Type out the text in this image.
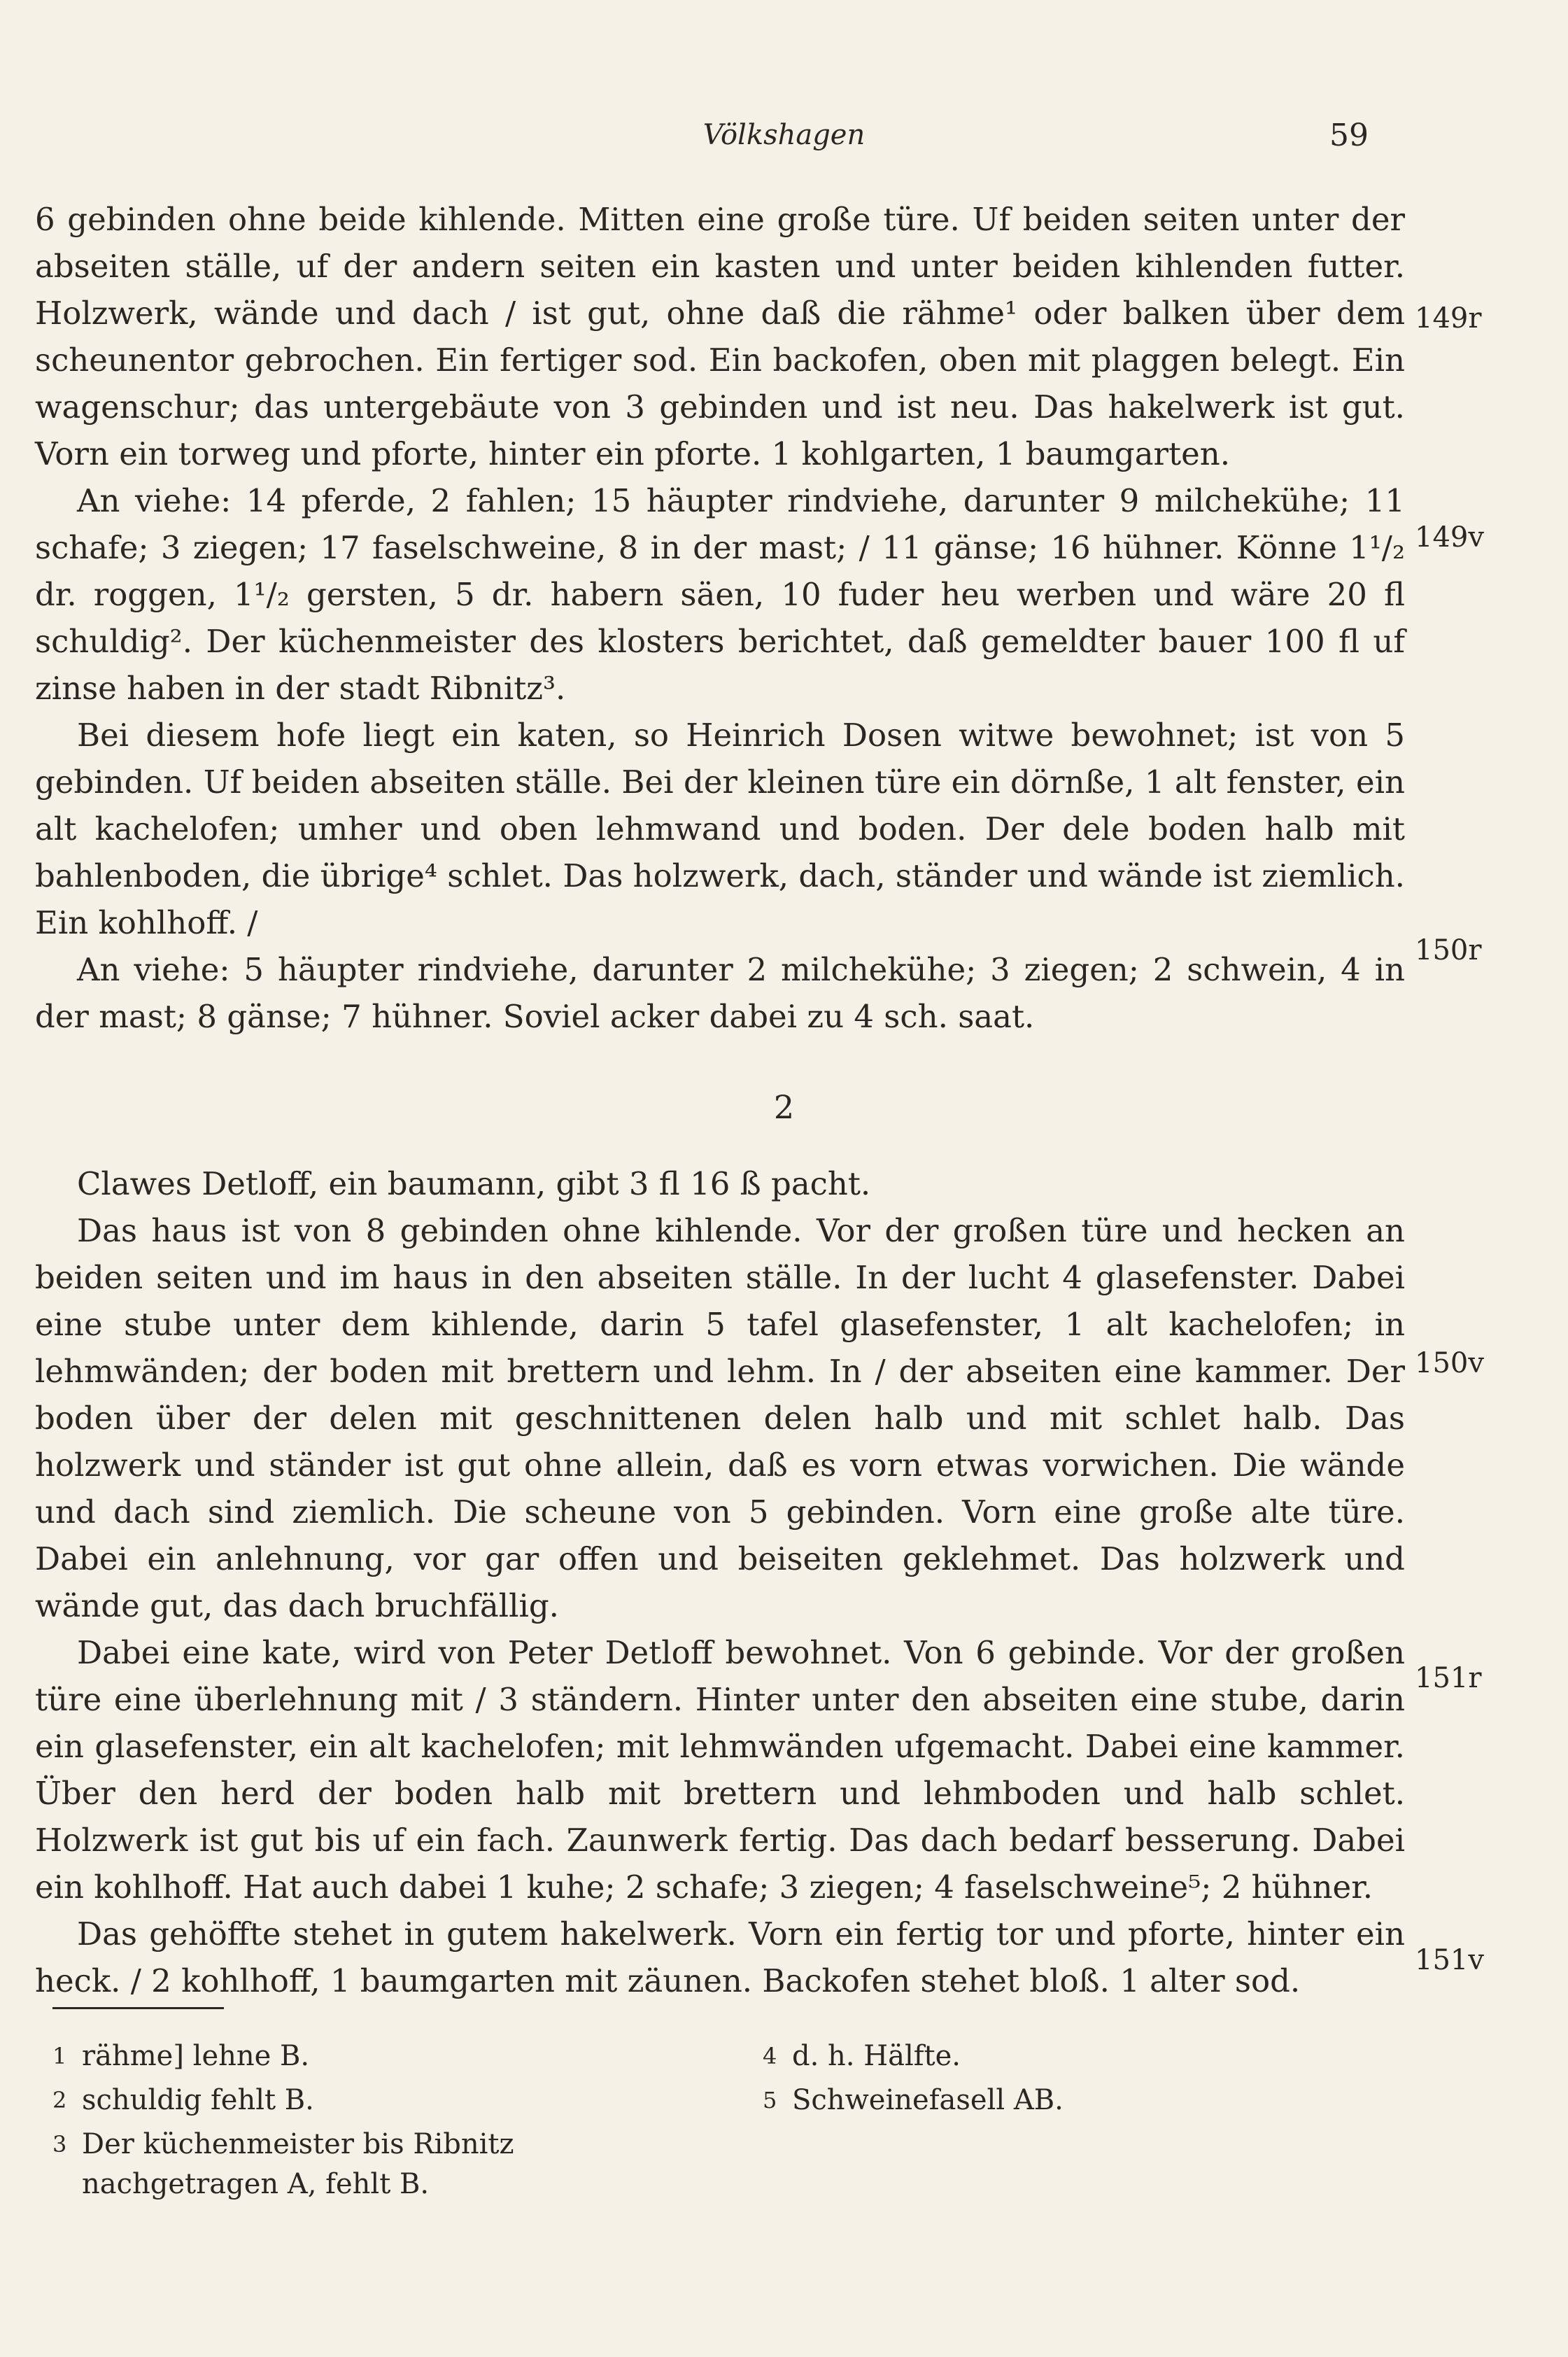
Völkshagen	59

6 gebinden ohne beide kihlende. Mitten eine große türe. Uf beiden seiten unter der abseiten ställe, uf der andern seiten ein kasten und unter beiden kihlenden futter. Holzwerk, wände und dach / ist gut, ohne daß die rähme¹ oder balken über dem scheunentor gebrochen. Ein fertiger sod. Ein backofen, oben mit plaggen belegt. Ein wagenschur; das untergebäute von 3 gebinden und ist neu. Das hakelwerk ist gut. Vorn ein torweg und pforte, hinter ein pforte. 1 kohlgarten, 1 baumgarten.

An viehe: 14 pferde, 2 fahlen; 15 häupter rindviehe, darunter 9 milchekühe; 11 schafe; 3 ziegen; 17 faselschweine, 8 in der mast; / 11 gänse; 16 hühner. Könne 1¹/₂ dr. roggen, 1¹/₂ gersten, 5 dr. habern säen, 10 fuder heu werben und wäre 20 fl schuldig². Der küchenmeister des klosters berichtet, daß gemeldter bauer 100 fl uf zinse haben in der stadt Ribnitz³.

Bei diesem hofe liegt ein katen, so Heinrich Dosen witwe bewohnet; ist von 5 gebinden. Uf beiden abseiten ställe. Bei der kleinen türe ein dörnße, 1 alt fenster, ein alt kachelofen; umher und oben lehmwand und boden. Der dele boden halb mit bahlenboden, die übrige⁴ schlet. Das holzwerk, dach, ständer und wände ist ziemlich. Ein kohlhoff. /

An viehe: 5 häupter rindviehe, darunter 2 milchekühe; 3 ziegen; 2 schwein, 4 in der mast; 8 gänse; 7 hühner. Soviel acker dabei zu 4 sch. saat.

2

Clawes Detloff, ein baumann, gibt 3 fl 16 ß pacht.

Das haus ist von 8 gebinden ohne kihlende. Vor der großen türe und hecken an beiden seiten und im haus in den abseiten ställe. In der lucht 4 glasefenster. Dabei eine stube unter dem kihlende, darin 5 tafel glasefenster, 1 alt kachelofen; in lehmwänden; der boden mit brettern und lehm. In / der abseiten eine kammer. Der boden über der delen mit geschnittenen delen halb und mit schlet halb. Das holzwerk und ständer ist gut ohne allein, daß es vorn etwas vorwichen. Die wände und dach sind ziemlich. Die scheune von 5 gebinden. Vorn eine große alte türe. Dabei ein anlehnung, vor gar offen und beiseiten geklehmet. Das holzwerk und wände gut, das dach bruchfällig.

Dabei eine kate, wird von Peter Detloff bewohnet. Von 6 gebinde. Vor der großen türe eine überlehnung mit / 3 ständern. Hinter unter den abseiten eine stube, darin ein glasefenster, ein alt kachelofen; mit lehmwänden ufgemacht. Dabei eine kammer. Über den herd der boden halb mit brettern und lehmboden und halb schlet. Holzwerk ist gut bis uf ein fach. Zaunwerk fertig. Das dach bedarf besserung. Dabei ein kohlhoff. Hat auch dabei 1 kuhe; 2 schafe; 3 ziegen; 4 faselschweine⁵; 2 hühner.

Das gehöffte stehet in gutem hakelwerk. Vorn ein fertig tor und pforte, hinter ein heck. / 2 kohlhoff, 1 baumgarten mit zäunen. Backofen stehet bloß. 1 alter sod.

149r
149v
150r
150v
151r
151v

1 rähme] lehne B.

2 schuldig fehlt B.

3 Der küchenmeister bis Ribnitz nachgetragen A, fehlt B.

4 d. h. Hälfte.

5 Schweinefasell AB.
